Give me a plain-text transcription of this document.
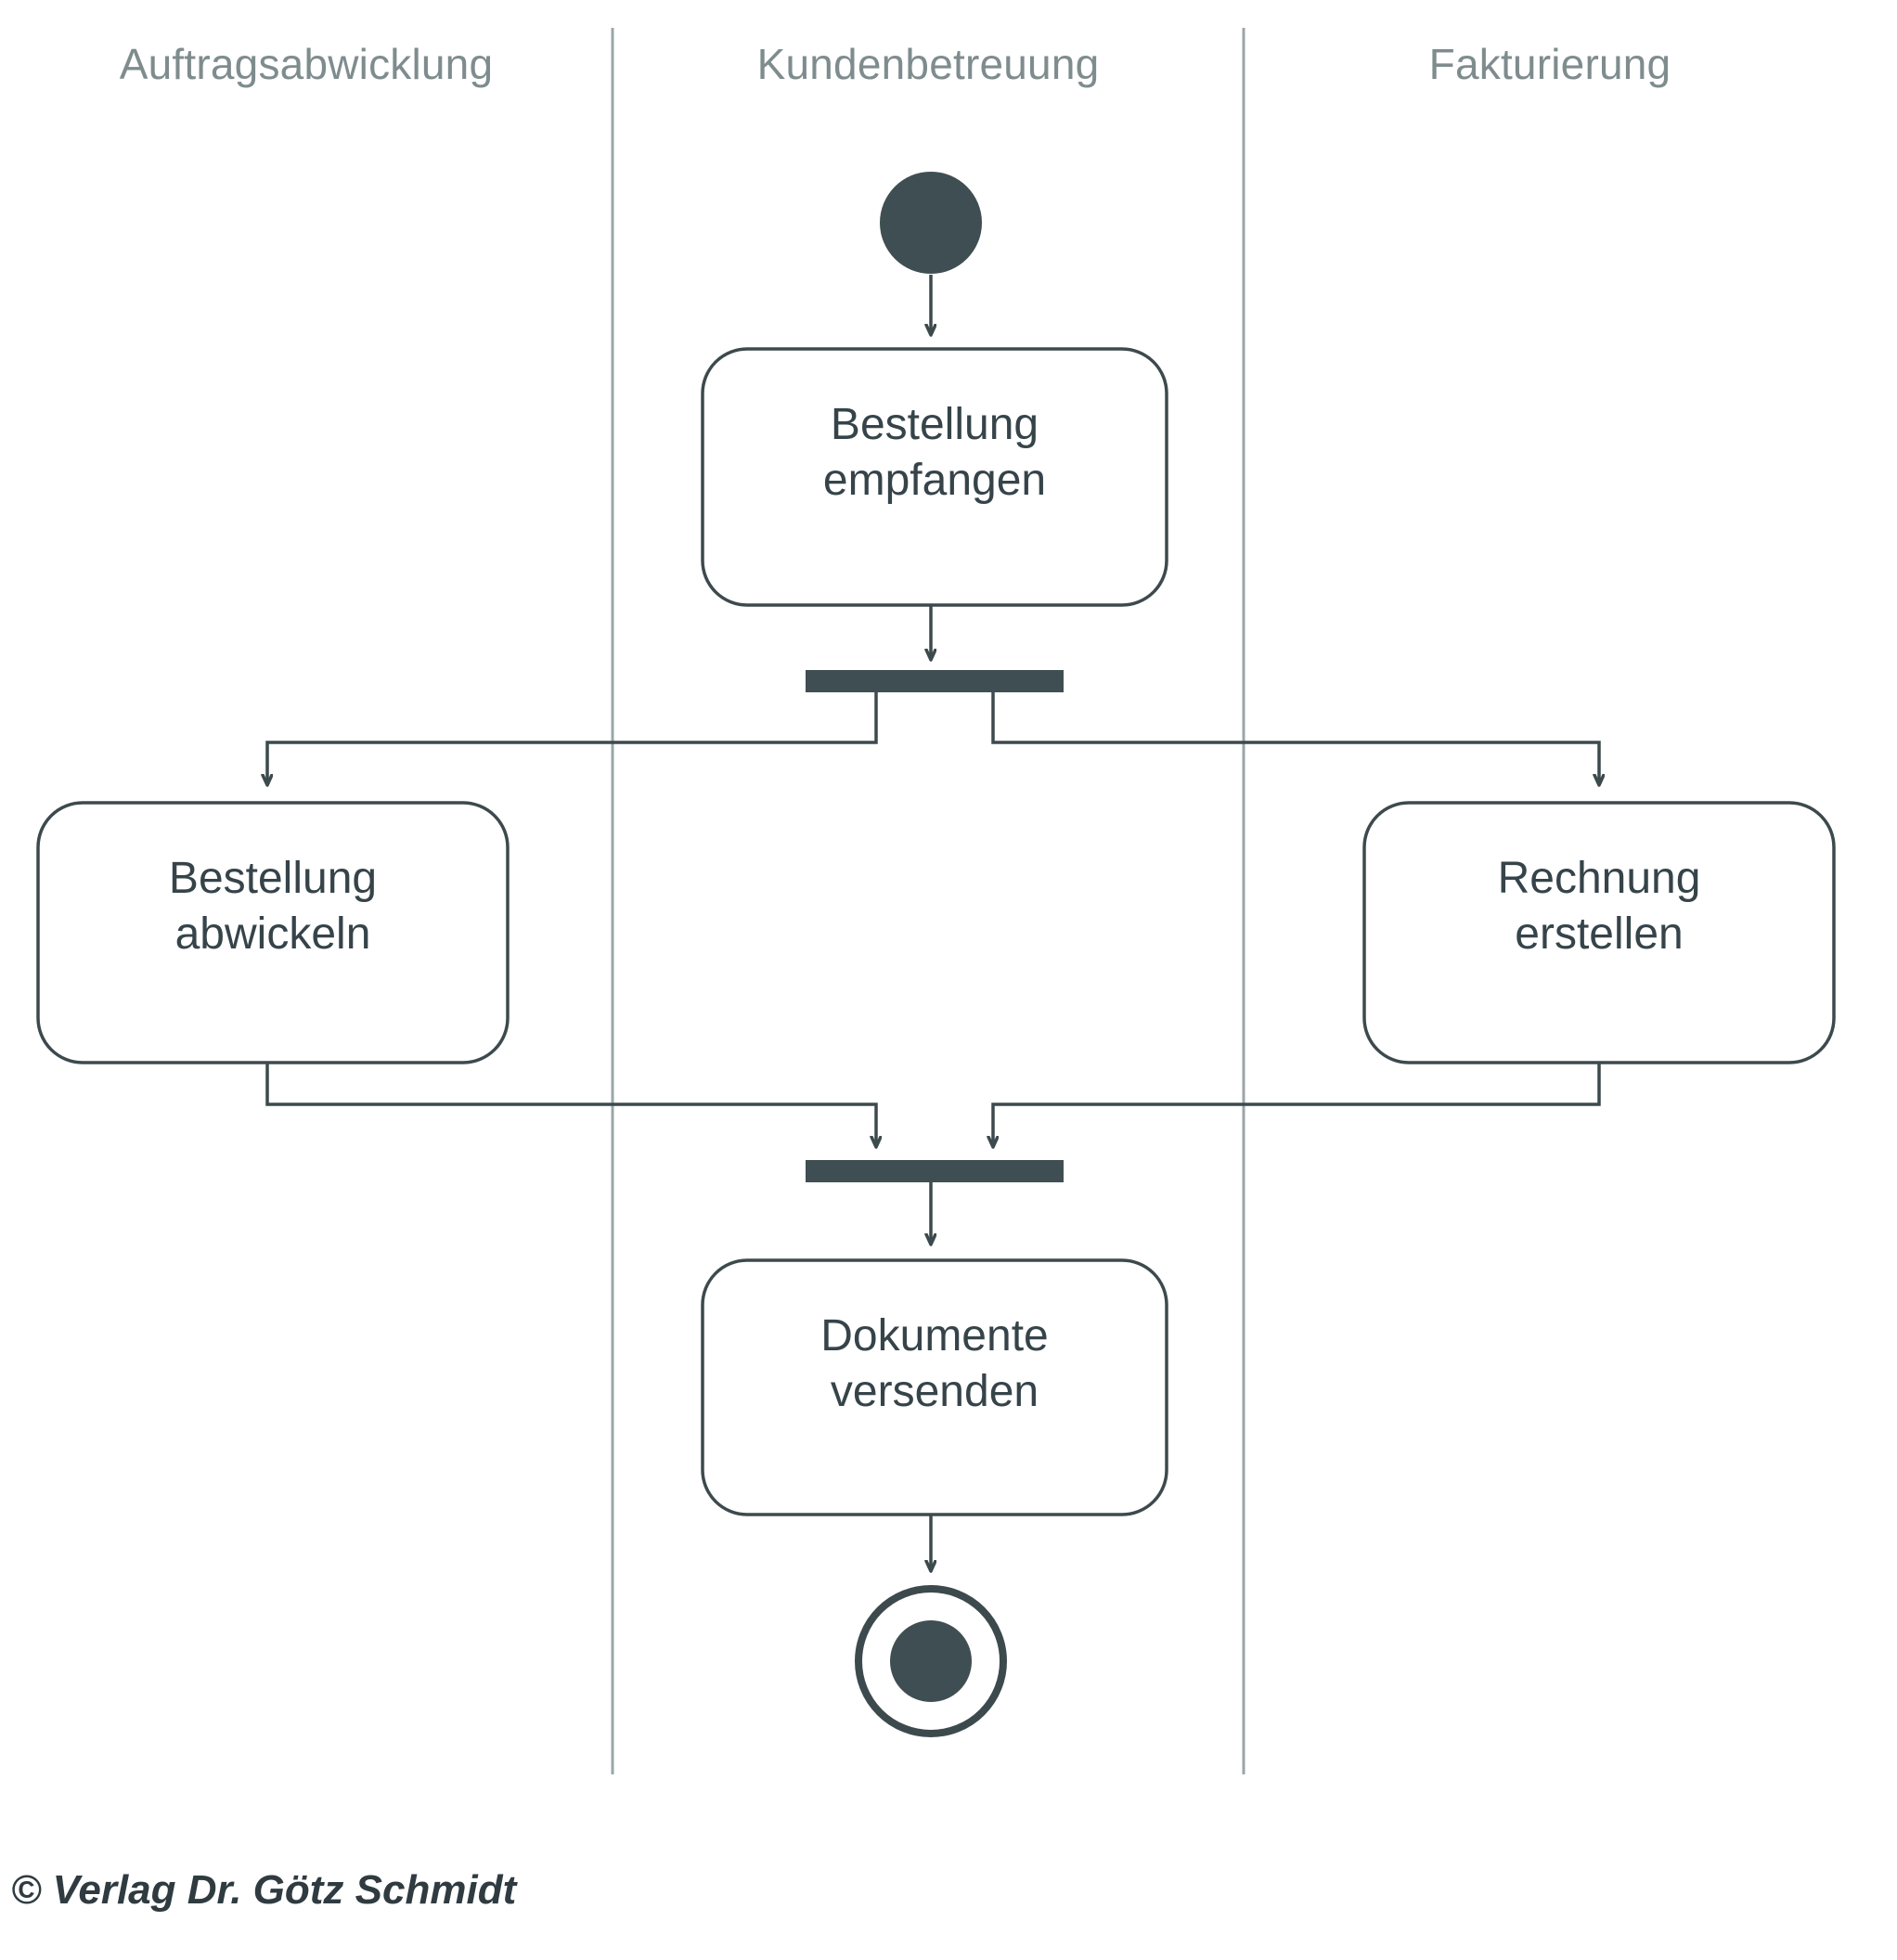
Auftragsabwicklung	Kundenbetreuung	Fakturierung
Bestellung
empfangen
Bestellung
abwickeln
Rechnung
erstellen
Dokumente
versenden
© Verlag Dr. Götz Schmidt
